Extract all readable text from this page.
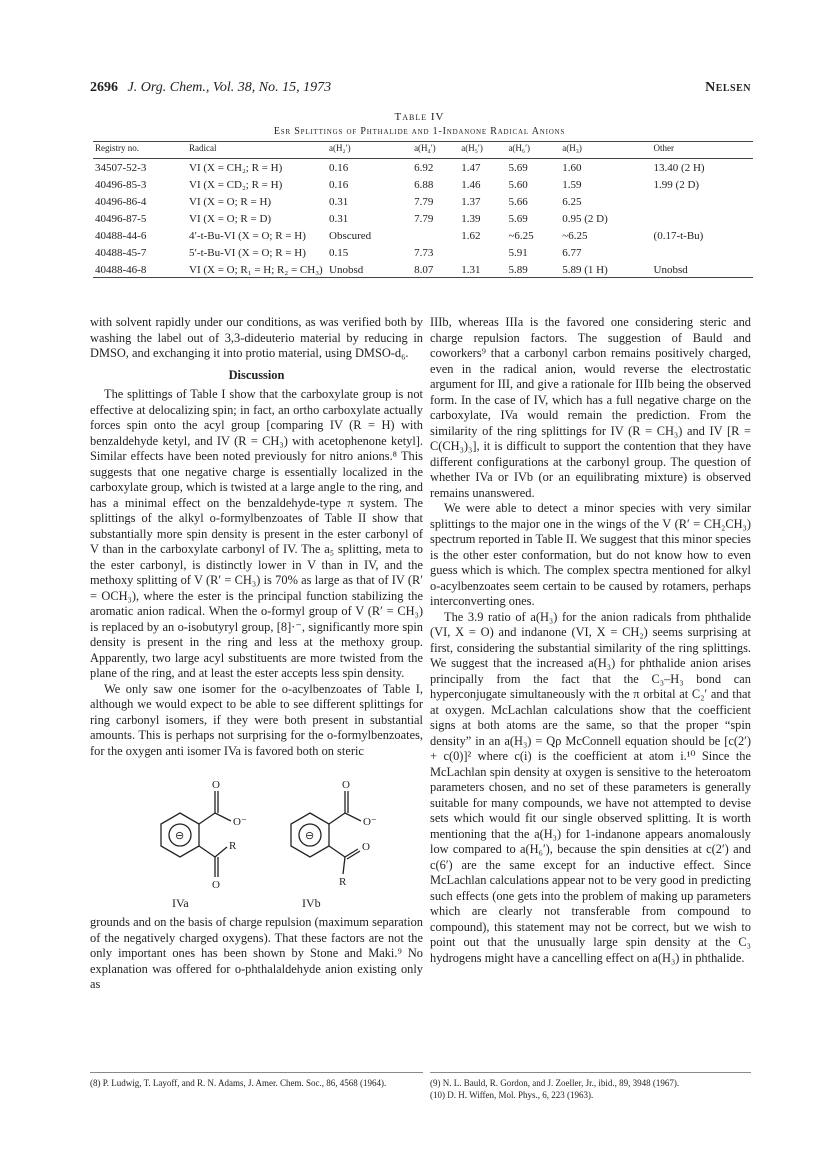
2696 J. Org. Chem., Vol. 38, No. 15, 1973	Nelsen
Table IV
Esr Splittings of Phthalide and 1-Indanone Radical Anions
Registry no.	Radical	a(H₂′)	a(H₄′)	a(H₅′)	a(H₆′)	a(H₃)	Other
34507-52-3	VI (X = CH₂; R = H)	0.16	6.92	1.47	5.69	1.60	13.40 (2 H)
40496-85-3	VI (X = CD₂; R = H)	0.16	6.88	1.46	5.60	1.59	1.99 (2 D)
40496-86-4	VI (X = O; R = H)	0.31	7.79	1.37	5.66	6.25	
40496-87-5	VI (X = O; R = D)	0.31	7.79	1.39	5.69	0.95 (2 D)	
40488-44-6	4′-t-Bu-VI (X = O; R = H)	Obscured		1.62	~6.25	~6.25	(0.17-t-Bu)
40488-45-7	5′-t-Bu-VI (X = O; R = H)	0.15	7.73		5.91	6.77	
40488-46-8	VI (X = O; R₁ = H; R₂ = CH₃)	Unobsd	8.07	1.31	5.89	5.89 (1 H)	Unobsd

with solvent rapidly under our conditions, as was verified both by washing the label out of 3,3-dideuterio material by reducing in DMSO, and exchanging it into protio material, using DMSO-d₆.

Discussion

The splittings of Table I show that the carboxylate group is not effective at delocalizing spin; in fact, an ortho carboxylate actually forces spin onto the acyl group [comparing IV (R = H) with benzaldehyde ketyl, and IV (R = CH₃) with acetophenone ketyl]. Similar effects have been noted previously for nitro anions.⁸ This suggests that one negative charge is essentially localized in the carboxylate group, which is twisted at a large angle to the ring, and has a minimal effect on the benzaldehyde-type π system. The splittings of the alkyl o-formylbenzoates of Table II show that substantially more spin density is present in the ester carbonyl of V than in the carboxylate carbonyl of IV. The a₅ splitting, meta to the ester carbonyl, is distinctly lower in V than in IV, and the methoxy splitting of V (R′ = CH₃) is 70% as large as that of IV (R′ = OCH₃), where the ester is the principal function stabilizing the aromatic anion radical. When the o-formyl group of V (R′ = CH₃) is replaced by an o-isobutyryl group, [8]·⁻, significantly more spin density is present in the ring and less at the methoxy group. Apparently, two large acyl substituents are more twisted from the plane of the ring, and at least the ester accepts less spin density.

We only saw one isomer for the o-acylbenzoates of Table I, although we would expect to be able to see different splittings for ring carbonyl isomers, if they were both present in substantial amounts. This is perhaps not surprising for the o-formylbenzoates, for the oxygen anti isomer IVa is favored both on steric

⊖
O
O⁻
R
O
⊖
O
O⁻
R
O
IVa	IVb

grounds and on the basis of charge repulsion (maximum separation of the negatively charged oxygens). That these factors are not the only important ones has been shown by Stone and Maki.⁹ No explanation was offered for o-phthalaldehyde anion existing only as

IIIb, whereas IIIa is the favored one considering steric and charge repulsion factors. The suggestion of Bauld and coworkers⁹ that a carbonyl carbon remains positively charged, even in the radical anion, would reverse the electrostatic argument for III, and give a rationale for IIIb being the observed form. In the case of IV, which has a full negative charge on the carboxylate, IVa would remain the prediction. From the similarity of the ring splittings for IV (R = CH₃) and IV [R = C(CH₃)₃], it is difficult to support the contention that they have different configurations at the carbonyl group. The question of whether IVa or IVb (or an equilibrating mixture) is observed remains unanswered.

We were able to detect a minor species with very similar splittings to the major one in the wings of the V (R′ = CH₂CH₃) spectrum reported in Table II. We suggest that this minor species is the other ester conformation, but do not know how to even guess which is which. The complex spectra mentioned for alkyl o-acylbenzoates seem certain to be caused by rotamers, perhaps interconverting ones.

The 3.9 ratio of a(H₃) for the anion radicals from phthalide (VI, X = O) and indanone (VI, X = CH₂) seems surprising at first, considering the substantial similarity of the ring splittings. We suggest that the increased a(H₃) for phthalide anion arises principally from the fact that the C₃–H₃ bond can hyperconjugate simultaneously with the π orbital at C₂′ and that at oxygen. McLachlan calculations show that the coefficient signs at both atoms are the same, so that the proper “spin density” in an a(H₃) = Qρ McConnell equation should be [c(2′) + c(0)]² where c(i) is the coefficient at atom i.¹⁰ Since the McLachlan spin density at oxygen is sensitive to the heteroatom parameters chosen, and no set of these parameters is generally suitable for many compounds, we have not attempted to devise sets which would fit our single observed splitting. It is worth mentioning that the a(H₃) for 1-indanone appears anomalously low compared to a(H₆′), because the spin densities at c(2′) and c(6′) are the same except for an inductive effect. Since McLachlan calculations appear not to be very good in predicting such effects (one gets into the problem of making up parameters which are clearly not transferable from compound to compound), this statement may not be correct, but we wish to point out that the unusually large spin density at the C₃ hydrogens might have a cancelling effect on a(H₃) in phthalide.

(8) P. Ludwig, T. Layoff, and R. N. Adams, J. Amer. Chem. Soc., 86, 4568 (1964).	(9) N. L. Bauld, R. Gordon, and J. Zoeller, Jr., ibid., 89, 3948 (1967).
(10) D. H. Wiffen, Mol. Phys., 6, 223 (1963).
